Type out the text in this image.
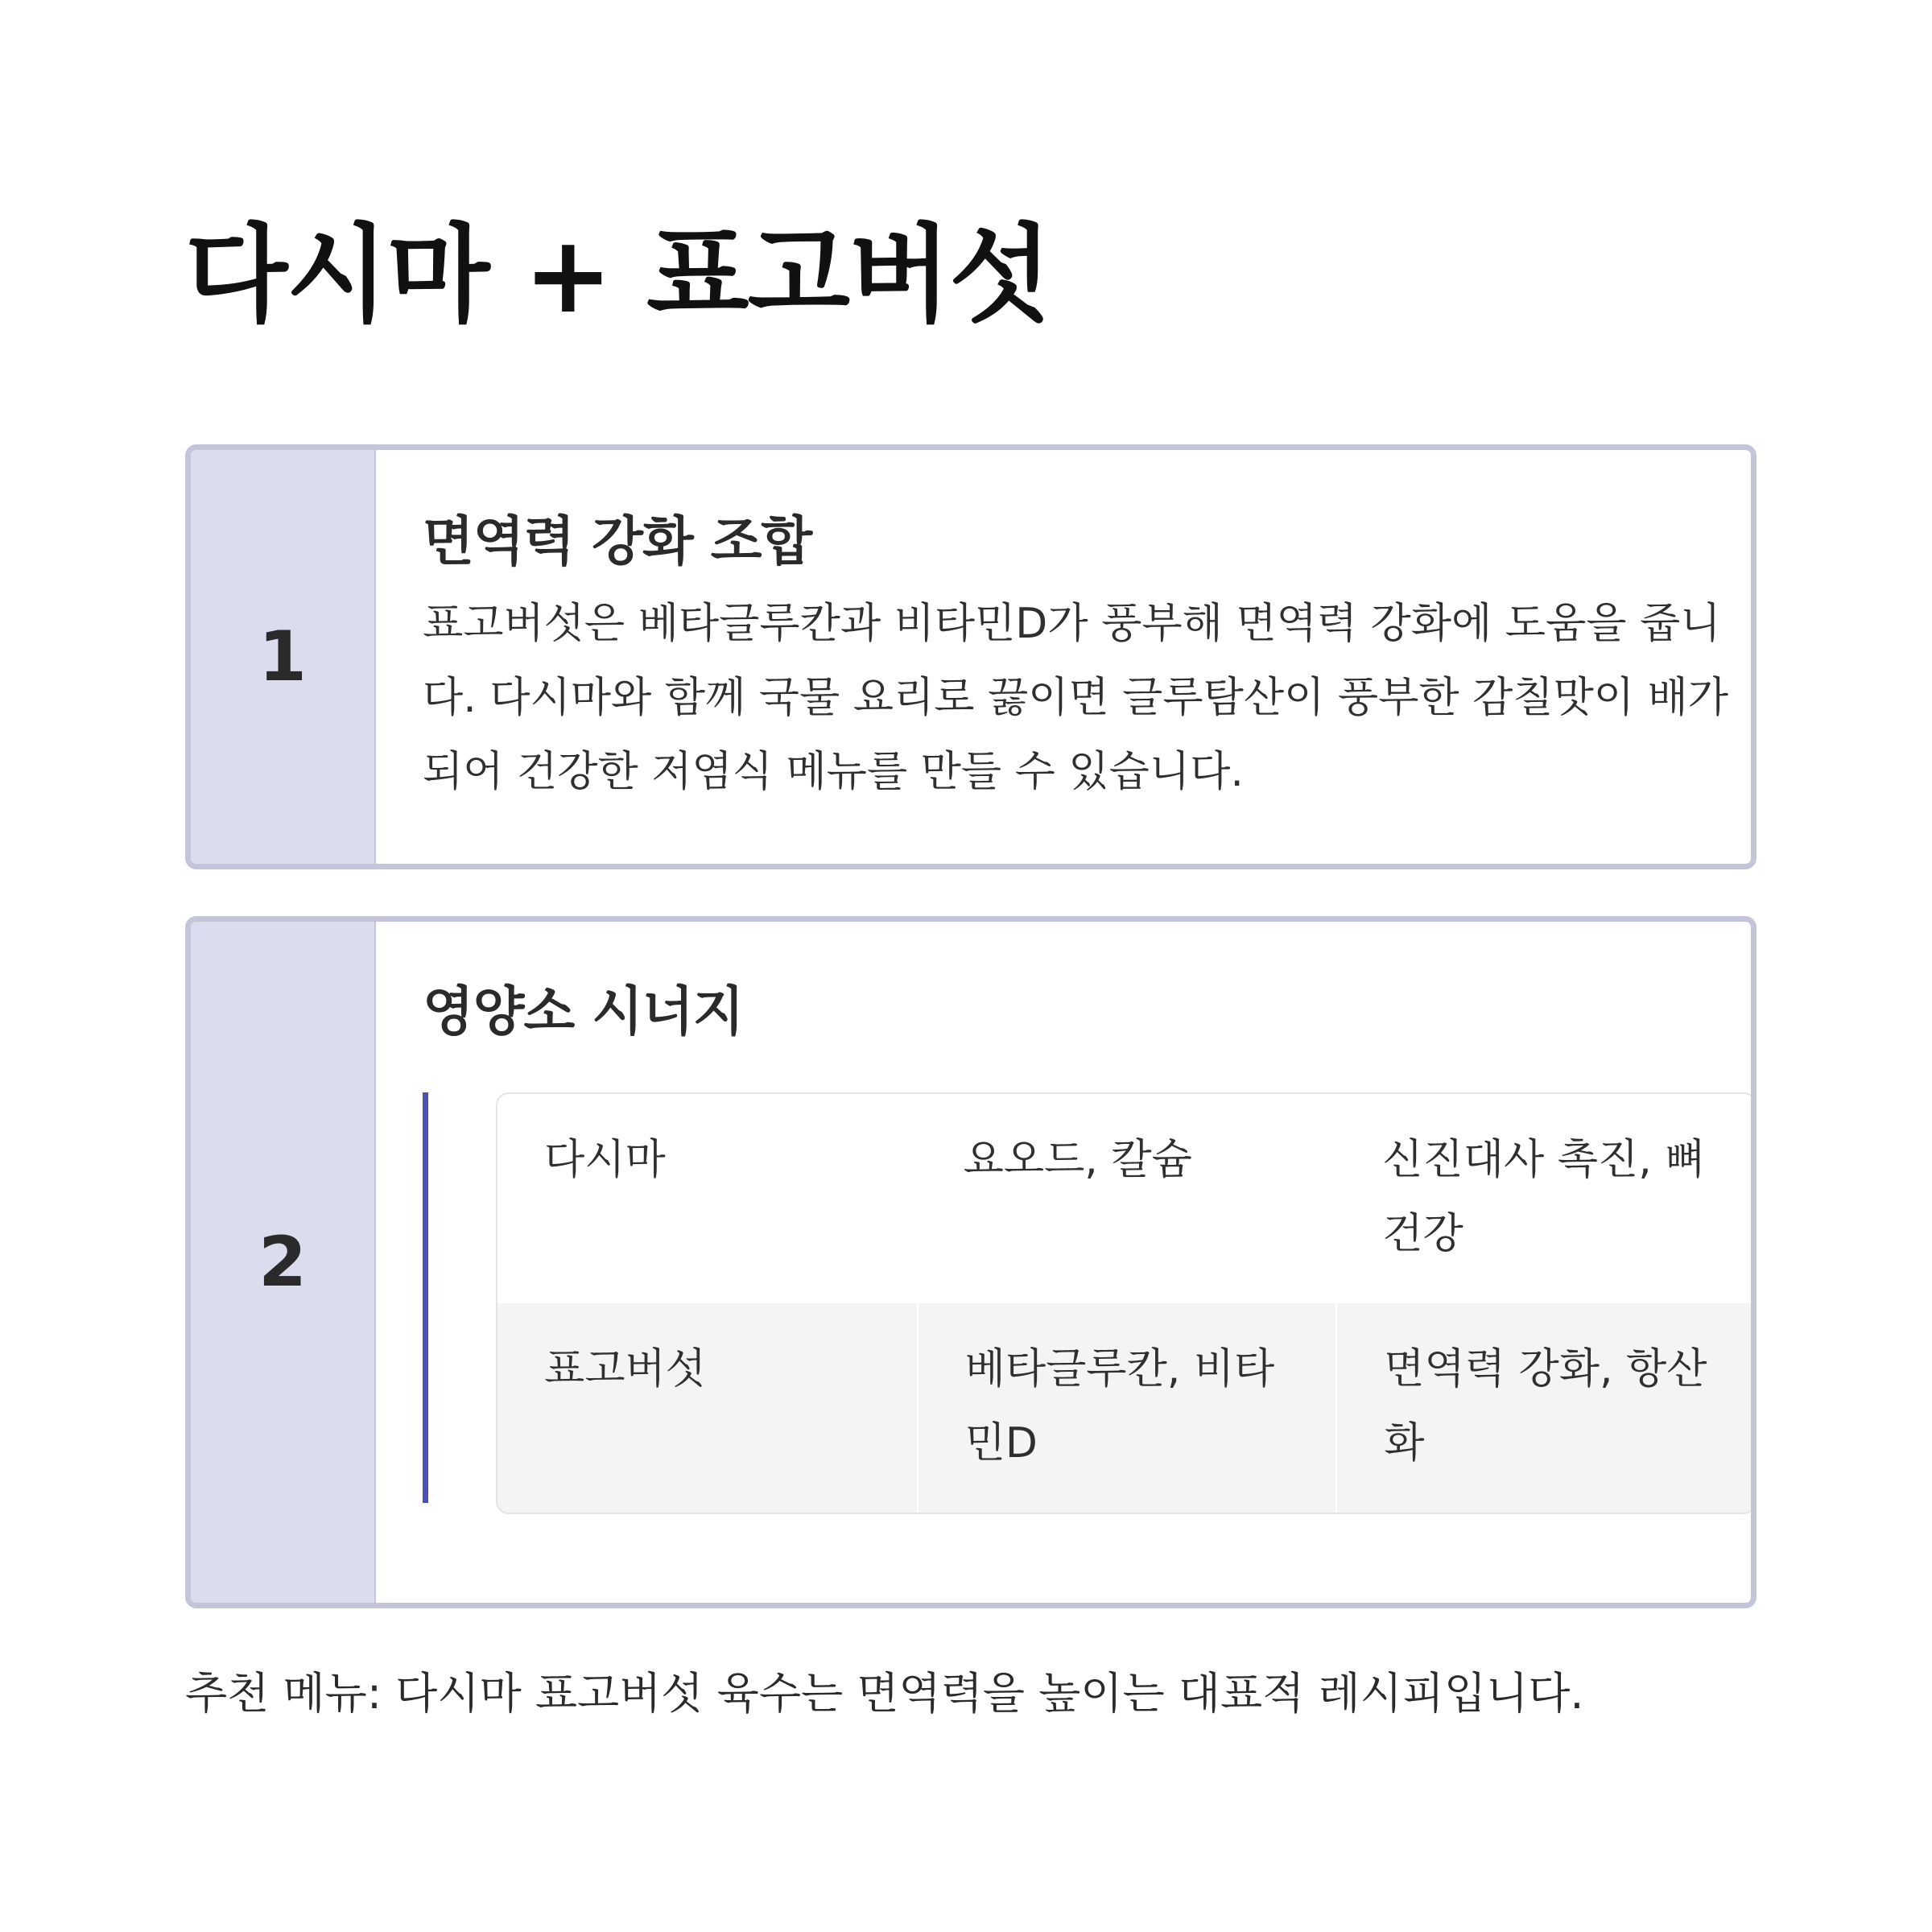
다시마 + 표고버섯
1
면역력 강화 조합

표고버섯은 베타글루칸과 비타민D가 풍부해 면역력 강화에 도움을 줍니다. 다시마와 함께 국물 요리로 끓이면 글루탐산이 풍부한 감칠맛이 배가 되어 건강한 저염식 메뉴를 만들 수 있습니다.

2
영양소 시너지
다시마	요오드, 칼슘	신진대사 촉진, 뼈 건강
표고버섯	베타글루칸, 비타민D	면역력 강화, 항산화

추천 메뉴: 다시마 표고버섯 육수는 면역력을 높이는 대표적 레시피입니다.
